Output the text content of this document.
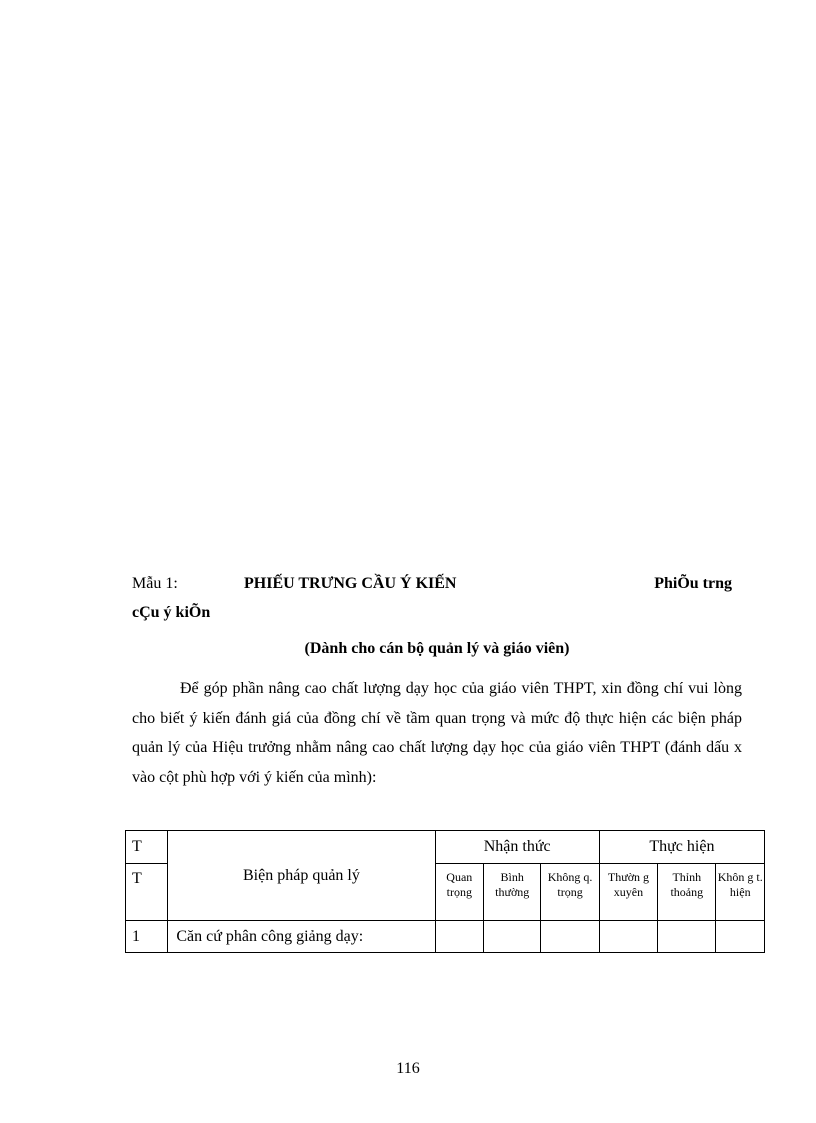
Mẫu 1:	PHIẾU TRƯNG CẦU Ý KIẾN	PhiÕu trng
cÇu ý kiÕn
(Dành cho cán bộ quản lý và giáo viên)

Để góp phần nâng cao chất lượng dạy học của giáo viên THPT, xin đồng chí vui lòng cho biết ý kiến đánh giá của đồng chí về tầm quan trọng và mức độ thực hiện các biện pháp quản lý của Hiệu trưởng nhằm nâng cao chất lượng dạy học của giáo viên THPT (đánh dấu x vào cột phù hợp với ý kiến của mình):

T	Biện pháp quản lý	Nhận thức			Thực hiện		
T		Quan trọng	Bình thường	Không q. trọng	Thườn g xuyên	Thỉnh thoảng	Khôn g t. hiện
1	Căn cứ phân công giảng dạy:						
116
